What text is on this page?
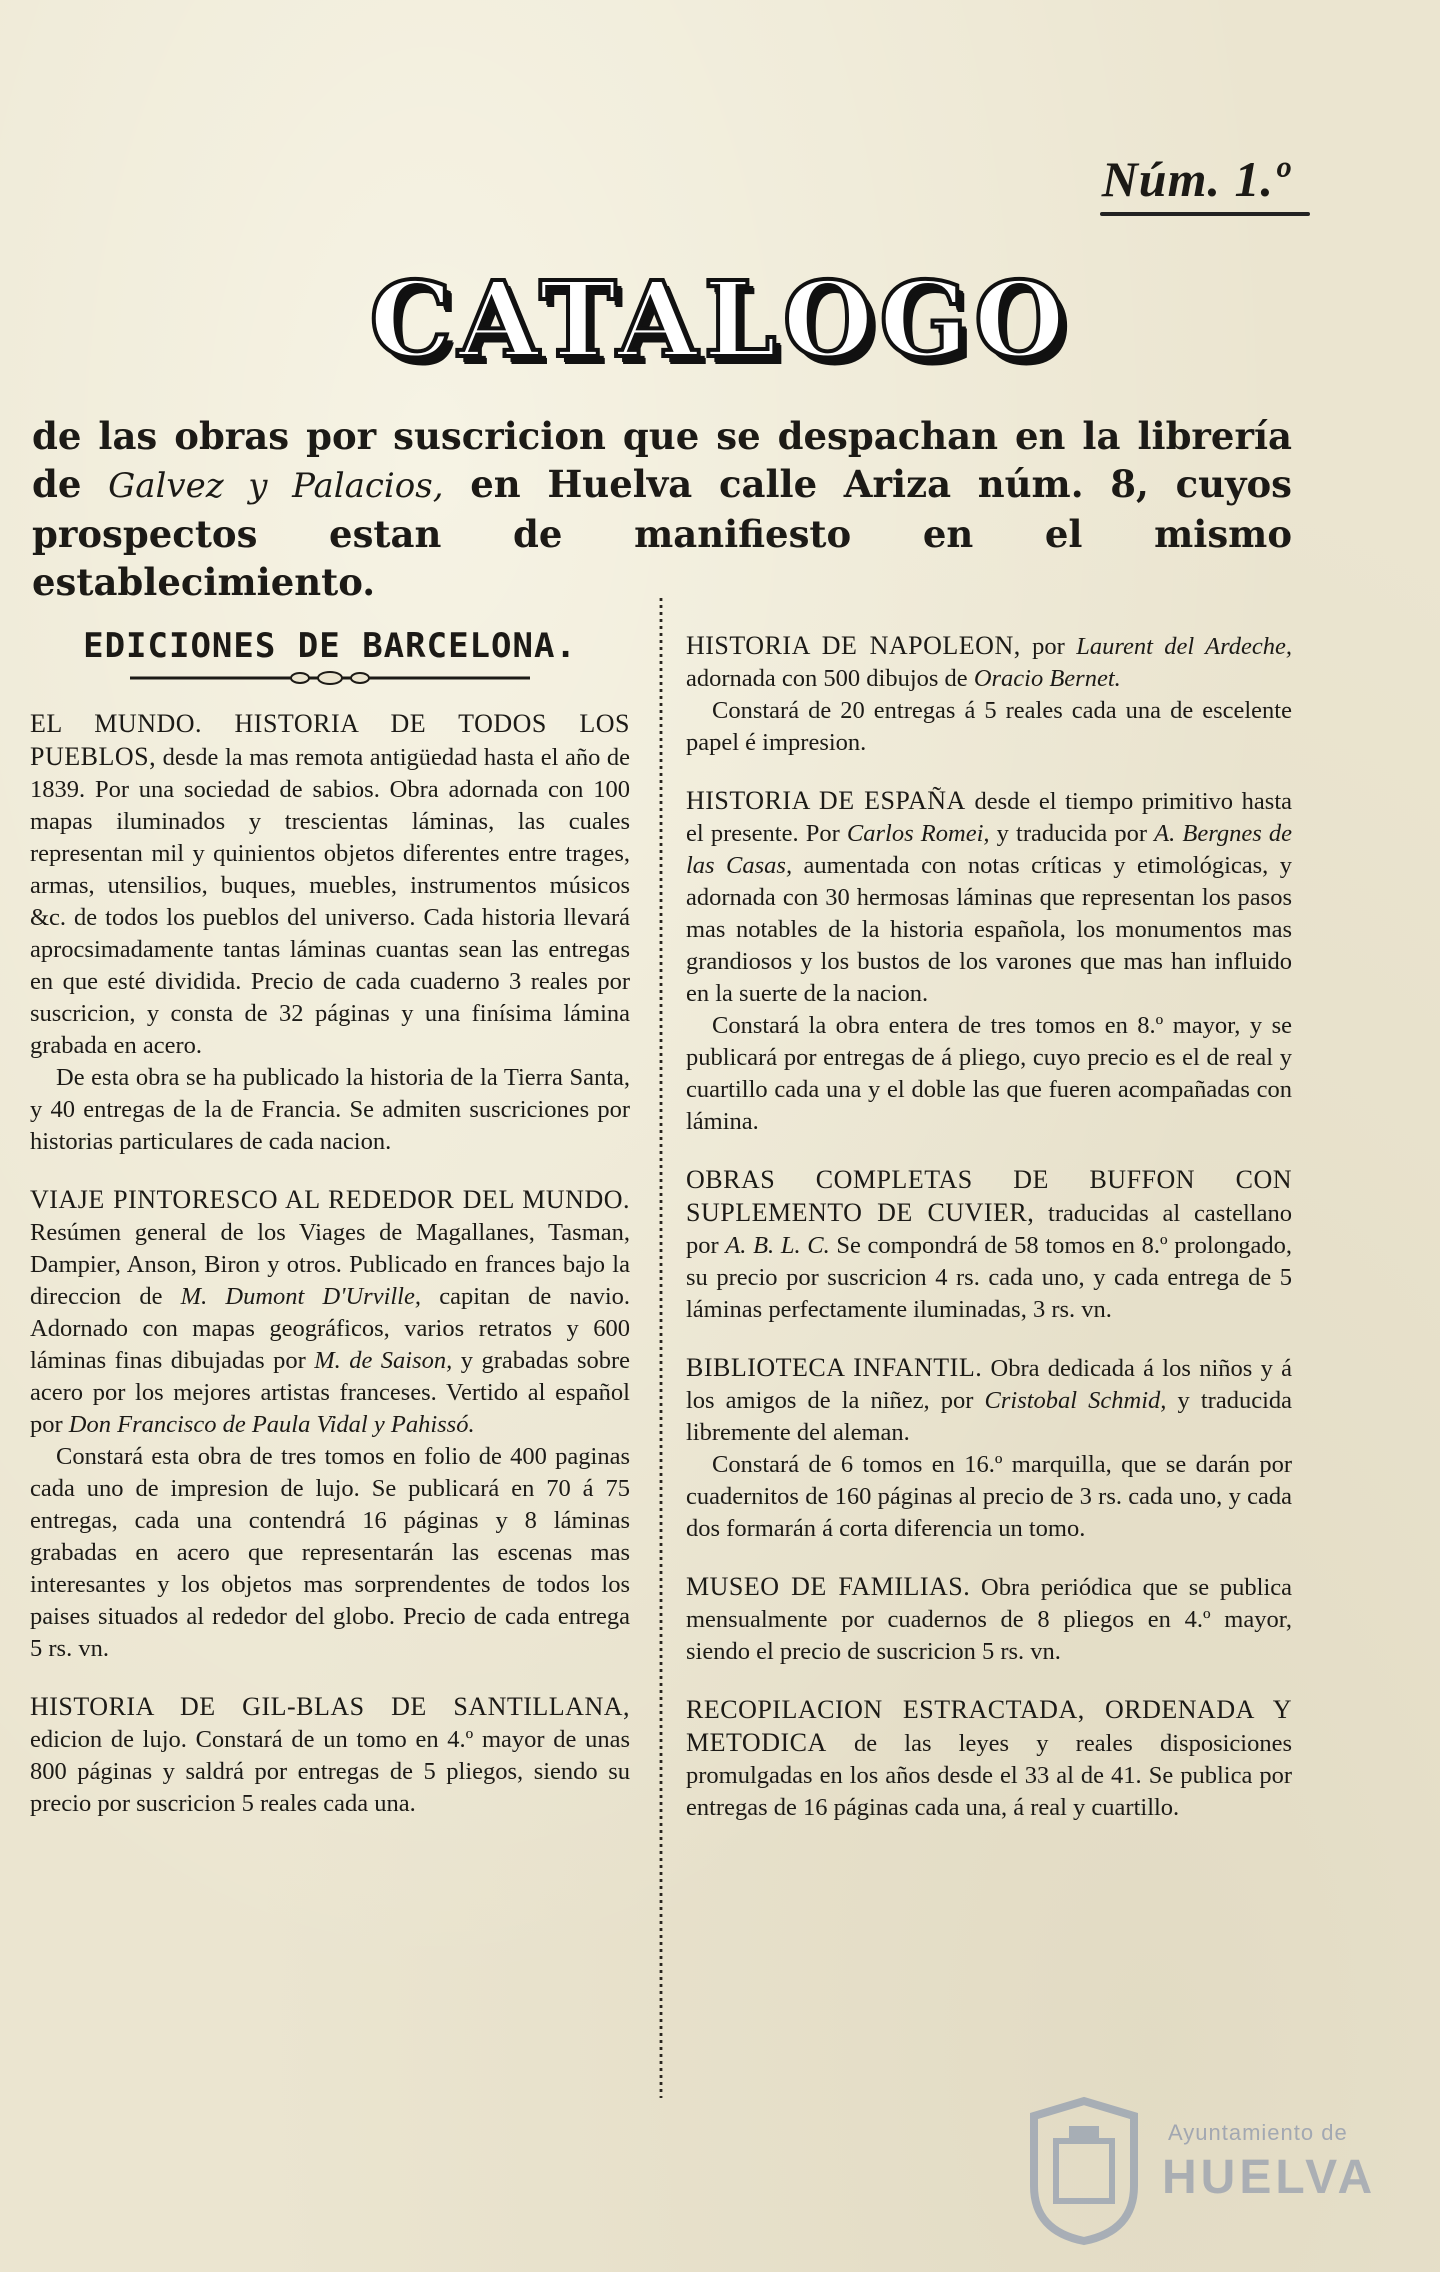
Núm. 1.º
CATALOGO
de las obras por suscricion que se despachan en la librería de Galvez y Palacios, en Huelva calle Ariza núm. 8, cuyos prospectos estan de manifiesto en el mismo establecimiento.
EDICIONES DE BARCELONA.

EL MUNDO. HISTORIA DE TODOS LOS PUEBLOS, desde la mas remota antigüedad hasta el año de 1839. Por una sociedad de sabios. Obra adornada con 100 mapas iluminados y trescientas láminas, las cuales representan mil y quinientos objetos diferentes entre trages, armas, utensilios, buques, muebles, instrumentos músicos &c. de todos los pueblos del universo. Cada historia llevará aprocsimadamente tantas láminas cuantas sean las entregas en que esté dividida. Precio de cada cuaderno 3 reales por suscricion, y consta de 32 páginas y una finísima lámina grabada en acero.

De esta obra se ha publicado la historia de la Tierra Santa, y 40 entregas de la de Francia. Se admiten suscriciones por historias particulares de cada nacion.

VIAJE PINTORESCO AL REDEDOR DEL MUNDO. Resúmen general de los Viages de Magallanes, Tasman, Dampier, Anson, Biron y otros. Publicado en frances bajo la direccion de M. Dumont D'Urville, capitan de navio. Adornado con mapas geográficos, varios retratos y 600 láminas finas dibujadas por M. de Saison, y grabadas sobre acero por los mejores artistas franceses. Vertido al español por Don Francisco de Paula Vidal y Pahissó.

Constará esta obra de tres tomos en folio de 400 paginas cada uno de impresion de lujo. Se publicará en 70 á 75 entregas, cada una contendrá 16 páginas y 8 láminas grabadas en acero que representarán las escenas mas interesantes y los objetos mas sorprendentes de todos los paises situados al rededor del globo. Precio de cada entrega 5 rs. vn.

HISTORIA DE GIL-BLAS DE SANTILLANA, edicion de lujo. Constará de un tomo en 4.º mayor de unas 800 páginas y saldrá por entregas de 5 pliegos, siendo su precio por suscricion 5 reales cada una.

HISTORIA DE NAPOLEON, por Laurent del Ardeche, adornada con 500 dibujos de Oracio Bernet.

Constará de 20 entregas á 5 reales cada una de escelente papel é impresion.

HISTORIA DE ESPAÑA desde el tiempo primitivo hasta el presente. Por Carlos Romei, y traducida por A. Bergnes de las Casas, aumentada con notas críticas y etimológicas, y adornada con 30 hermosas láminas que representan los pasos mas notables de la historia española, los monumentos mas grandiosos y los bustos de los varones que mas han influido en la suerte de la nacion.

Constará la obra entera de tres tomos en 8.º mayor, y se publicará por entregas de á pliego, cuyo precio es el de real y cuartillo cada una y el doble las que fueren acompañadas con lámina.

OBRAS COMPLETAS DE BUFFON CON SUPLEMENTO DE CUVIER, traducidas al castellano por A. B. L. C. Se compondrá de 58 tomos en 8.º prolongado, su precio por suscricion 4 rs. cada uno, y cada entrega de 5 láminas perfectamente iluminadas, 3 rs. vn.

BIBLIOTECA INFANTIL. Obra dedicada á los niños y á los amigos de la niñez, por Cristobal Schmid, y traducida libremente del aleman.

Constará de 6 tomos en 16.º marquilla, que se darán por cuadernitos de 160 páginas al precio de 3 rs. cada uno, y cada dos formarán á corta diferencia un tomo.

MUSEO DE FAMILIAS. Obra periódica que se publica mensualmente por cuadernos de 8 pliegos en 4.º mayor, siendo el precio de suscricion 5 rs. vn.

RECOPILACION ESTRACTADA, ORDENADA Y METODICA de las leyes y reales disposiciones promulgadas en los años desde el 33 al de 41. Se publica por entregas de 16 páginas cada una, á real y cuartillo.

Ayuntamiento de
HUELVA
